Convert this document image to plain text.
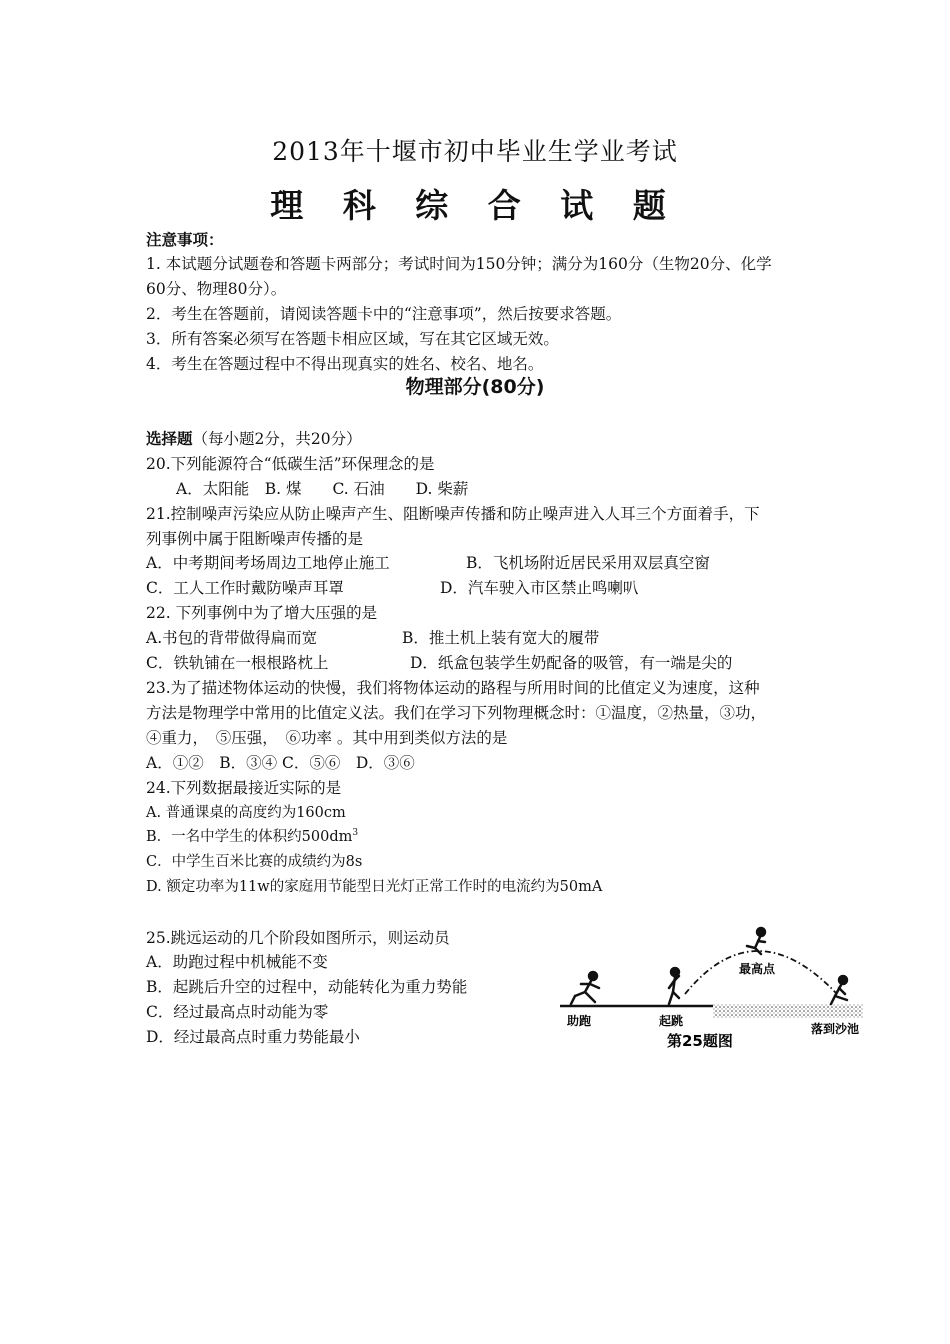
2013年十堰市初中毕业生学业考试
理 科 综 合 试 题
注意事项：
1. 本试题分试题卷和答题卡两部分；考试时间为150分钟；满分为160分（生物20分、化学
60分、物理80分）。
2．考生在答题前，请阅读答题卡中的“注意事项”，然后按要求答题。
3．所有答案必须写在答题卡相应区域，写在其它区域无效。
4．考生在答题过程中不得出现真实的姓名、校名、地名。
物理部分(80分)
选择题（每小题2分，共20分）
20.下列能源符合“低碳生活”环保理念的是
A．太阳能　B. 煤　　C. 石油　　D. 柴薪
21.控制噪声污染应从防止噪声产生、阻断噪声传播和防止噪声进入人耳三个方面着手，下
列事例中属于阻断噪声传播的是
A．中考期间考场周边工地停止施工	B．飞机场附近居民采用双层真空窗
C．工人工作时戴防噪声耳罩	D．汽车驶入市区禁止鸣喇叭
22. 下列事例中为了增大压强的是
A.书包的背带做得扁而宽	B．推土机上装有宽大的履带
C．铁轨铺在一根根路枕上	D．纸盒包装学生奶配备的吸管，有一端是尖的
23.为了描述物体运动的快慢，我们将物体运动的路程与所用时间的比值定义为速度，这种
方法是物理学中常用的比值定义法。我们在学习下列物理概念时：①温度，②热量，③功，
④重力，　⑤压强，　⑥功率 。其中用到类似方法的是
A．①②　B．③④ C．⑤⑥　D．③⑥
24.下列数据最接近实际的是
A. 普通课桌的高度约为160cm
B．一名中学生的体积约$500dm^3$
C．中学生百米比赛的成绩约为8s
D. 额定功率为11w的家庭用节能型日光灯正常工作时的电流约为50mA
25.跳远运动的几个阶段如图所示，则运动员
A．助跑过程中机械能不变
B．起跳后升空的过程中，动能转化为重力势能
C．经过最高点时动能为零
D．经过最高点时重力势能最小
助跑	起跳
最高点
落到沙池
第25题图
